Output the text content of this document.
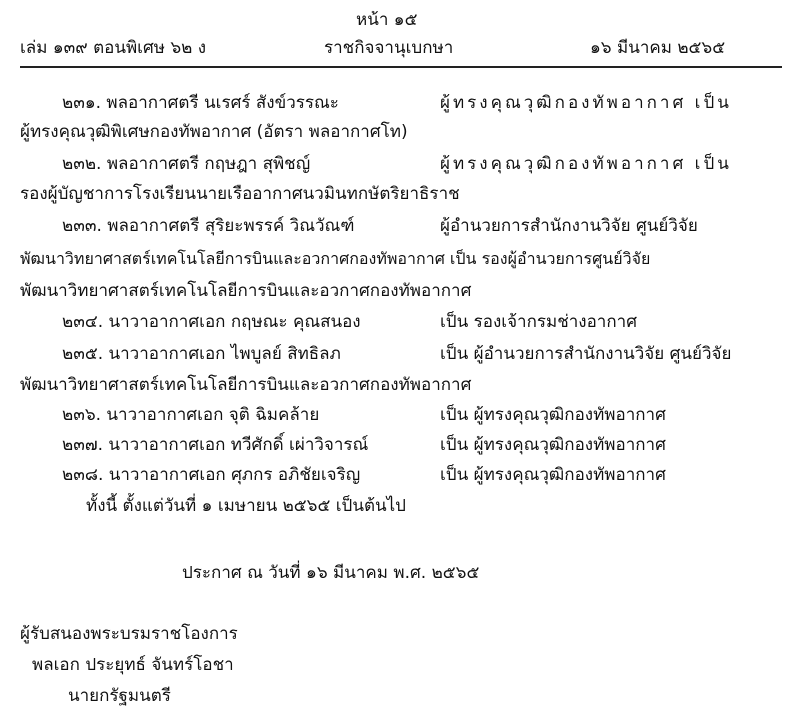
หน้า ๑๕
เล่ม ๑๓๙ ตอนพิเศษ ๖๒ ง	ราชกิจจานุเบกษา	๑๖ มีนาคม ๒๕๖๕
๒๓๑. พลอากาศตรี นเรศร์ สังข์วรรณะ	ผู้ทรงคุณวุฒิกองทัพอากาศ เป็น
ผู้ทรงคุณวุฒิพิเศษกองทัพอากาศ (อัตรา พลอากาศโท)
๒๓๒. พลอากาศตรี กฤษฎา สุพิชญ์	ผู้ทรงคุณวุฒิกองทัพอากาศ เป็น
รองผู้บัญชาการโรงเรียนนายเรืออากาศนวมินทกษัตริยาธิราช
๒๓๓. พลอากาศตรี สุริยะพรรค์ วิณวัณฑ์	ผู้อำนวยการสำนักงานวิจัย ศูนย์วิจัย
พัฒนาวิทยาศาสตร์เทคโนโลยีการบินและอวกาศกองทัพอากาศ เป็น รองผู้อำนวยการศูนย์วิจัย
พัฒนาวิทยาศาสตร์เทคโนโลยีการบินและอวกาศกองทัพอากาศ
๒๓๔. นาวาอากาศเอก กฤษณะ คุณสนอง	เป็น รองเจ้ากรมช่างอากาศ
๒๓๕. นาวาอากาศเอก ไพบูลย์ สิทธิลภ	เป็น ผู้อำนวยการสำนักงานวิจัย ศูนย์วิจัย
พัฒนาวิทยาศาสตร์เทคโนโลยีการบินและอวกาศกองทัพอากาศ
๒๓๖. นาวาอากาศเอก จุติ ฉิมคล้าย	เป็น ผู้ทรงคุณวุฒิกองทัพอากาศ
๒๓๗. นาวาอากาศเอก ทวีศักดิ์ เผ่าวิจารณ์	เป็น ผู้ทรงคุณวุฒิกองทัพอากาศ
๒๓๘. นาวาอากาศเอก ศุภกร อภิชัยเจริญ	เป็น ผู้ทรงคุณวุฒิกองทัพอากาศ
ทั้งนี้ ตั้งแต่วันที่ ๑ เมษายน ๒๕๖๕ เป็นต้นไป
ประกาศ ณ วันที่ ๑๖ มีนาคม พ.ศ. ๒๕๖๕
ผู้รับสนองพระบรมราชโองการ
พลเอก ประยุทธ์ จันทร์โอชา
นายกรัฐมนตรี
